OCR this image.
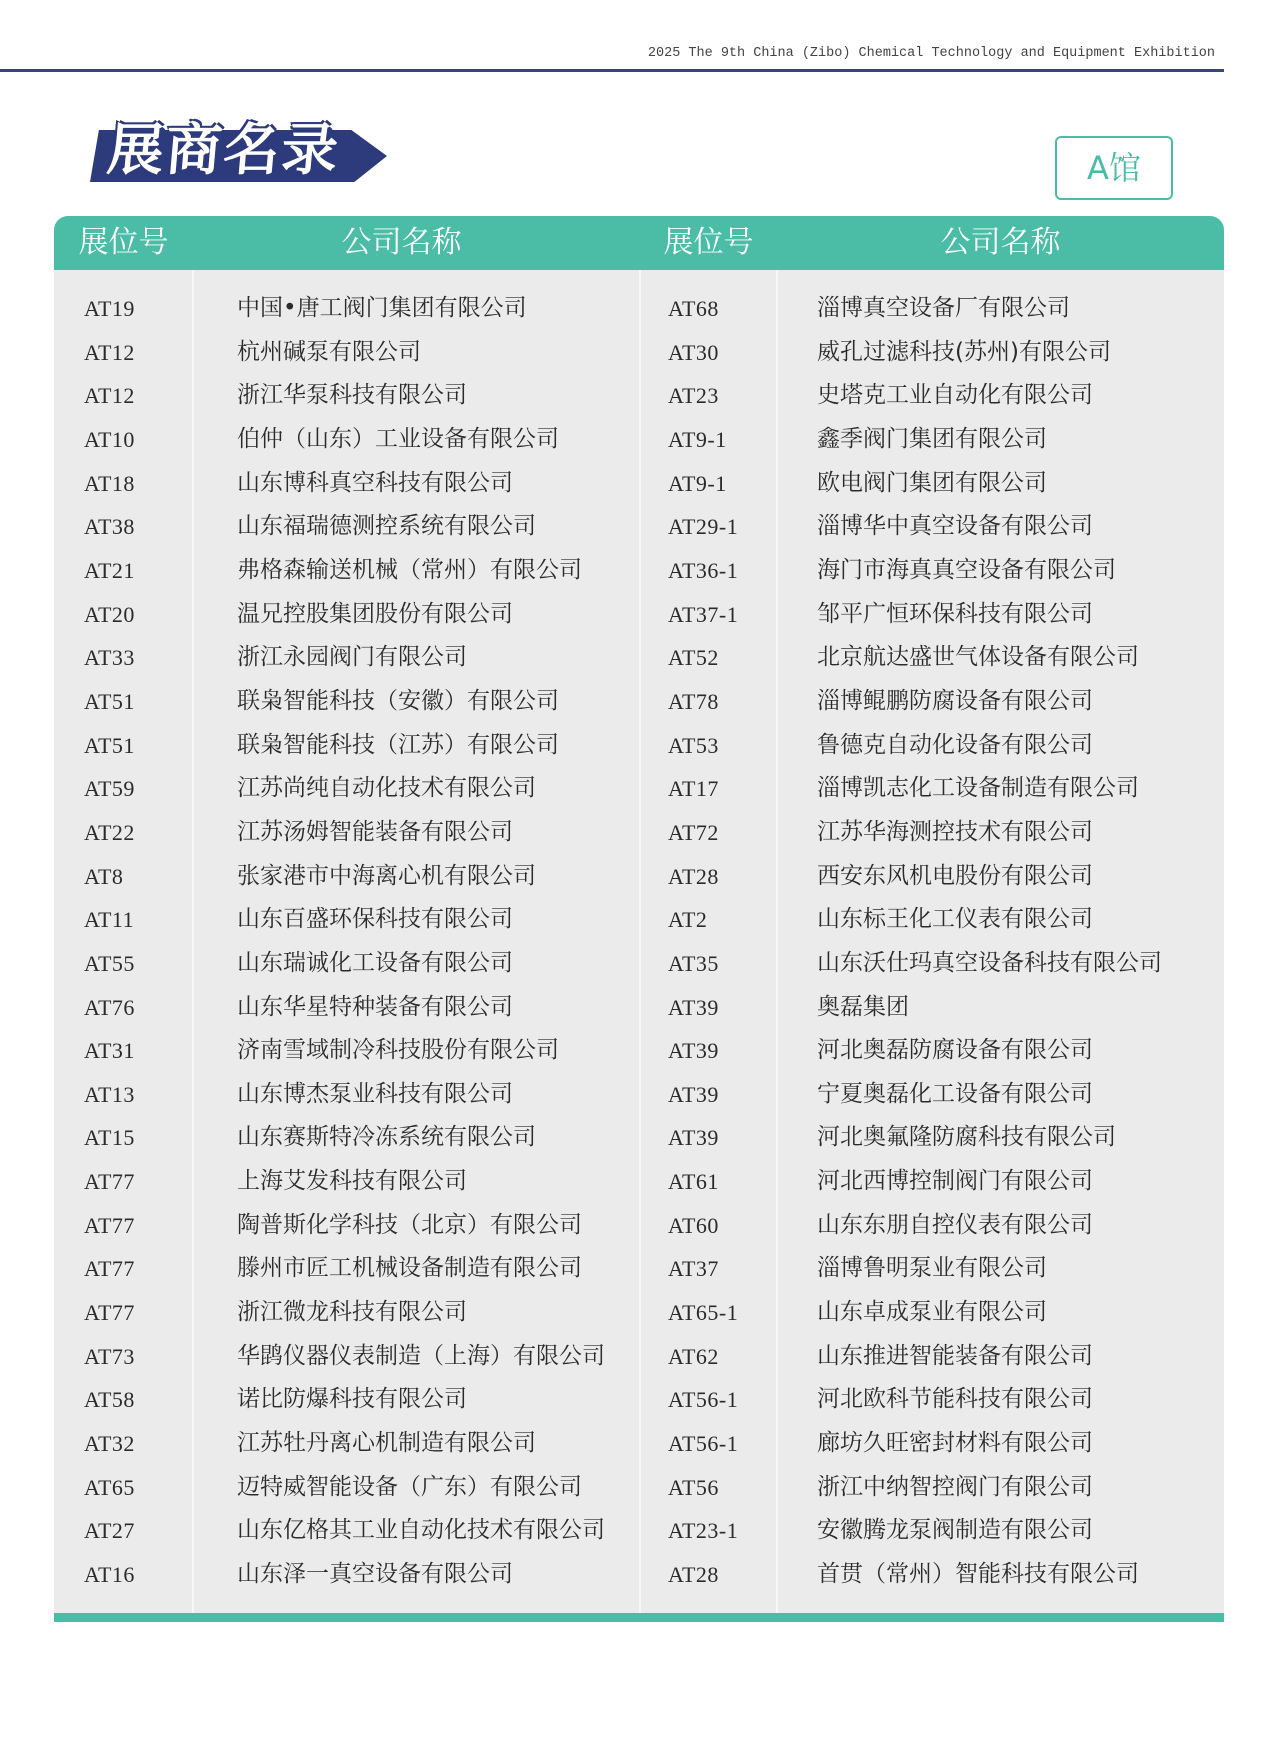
2025 The 9th China (Zibo) Chemical Technology and Equipment Exhibition
展商名录	A馆
展位号	公司名称	展位号	公司名称
AT19	中国•唐工阀门集团有限公司	AT68	淄博真空设备厂有限公司
AT12	杭州碱泵有限公司	AT30	威孔过滤科技(苏州)有限公司
AT12	浙江华泵科技有限公司	AT23	史塔克工业自动化有限公司
AT10	伯仲（山东）工业设备有限公司	AT9-1	鑫季阀门集团有限公司
AT18	山东博科真空科技有限公司	AT9-1	欧电阀门集团有限公司
AT38	山东福瑞德测控系统有限公司	AT29-1	淄博华中真空设备有限公司
AT21	弗格森输送机械（常州）有限公司	AT36-1	海门市海真真空设备有限公司
AT20	温兄控股集团股份有限公司	AT37-1	邹平广恒环保科技有限公司
AT33	浙江永园阀门有限公司	AT52	北京航达盛世气体设备有限公司
AT51	联枭智能科技（安徽）有限公司	AT78	淄博鲲鹏防腐设备有限公司
AT51	联枭智能科技（江苏）有限公司	AT53	鲁德克自动化设备有限公司
AT59	江苏尚纯自动化技术有限公司	AT17	淄博凯志化工设备制造有限公司
AT22	江苏汤姆智能装备有限公司	AT72	江苏华海测控技术有限公司
AT8	张家港市中海离心机有限公司	AT28	西安东风机电股份有限公司
AT11	山东百盛环保科技有限公司	AT2	山东标王化工仪表有限公司
AT55	山东瑞诚化工设备有限公司	AT35	山东沃仕玛真空设备科技有限公司
AT76	山东华星特种装备有限公司	AT39	奥磊集团
AT31	济南雪域制冷科技股份有限公司	AT39	河北奥磊防腐设备有限公司
AT13	山东博杰泵业科技有限公司	AT39	宁夏奥磊化工设备有限公司
AT15	山东赛斯特冷冻系统有限公司	AT39	河北奥氟隆防腐科技有限公司
AT77	上海艾发科技有限公司	AT61	河北西博控制阀门有限公司
AT77	陶普斯化学科技（北京）有限公司	AT60	山东东朋自控仪表有限公司
AT77	滕州市匠工机械设备制造有限公司	AT37	淄博鲁明泵业有限公司
AT77	浙江微龙科技有限公司	AT65-1	山东卓成泵业有限公司
AT73	华鹍仪器仪表制造（上海）有限公司	AT62	山东推进智能装备有限公司
AT58	诺比防爆科技有限公司	AT56-1	河北欧科节能科技有限公司
AT32	江苏牡丹离心机制造有限公司	AT56-1	廊坊久旺密封材料有限公司
AT65	迈特威智能设备（广东）有限公司	AT56	浙江中纳智控阀门有限公司
AT27	山东亿格其工业自动化技术有限公司	AT23-1	安徽腾龙泵阀制造有限公司
AT16	山东泽一真空设备有限公司	AT28	首贯（常州）智能科技有限公司
